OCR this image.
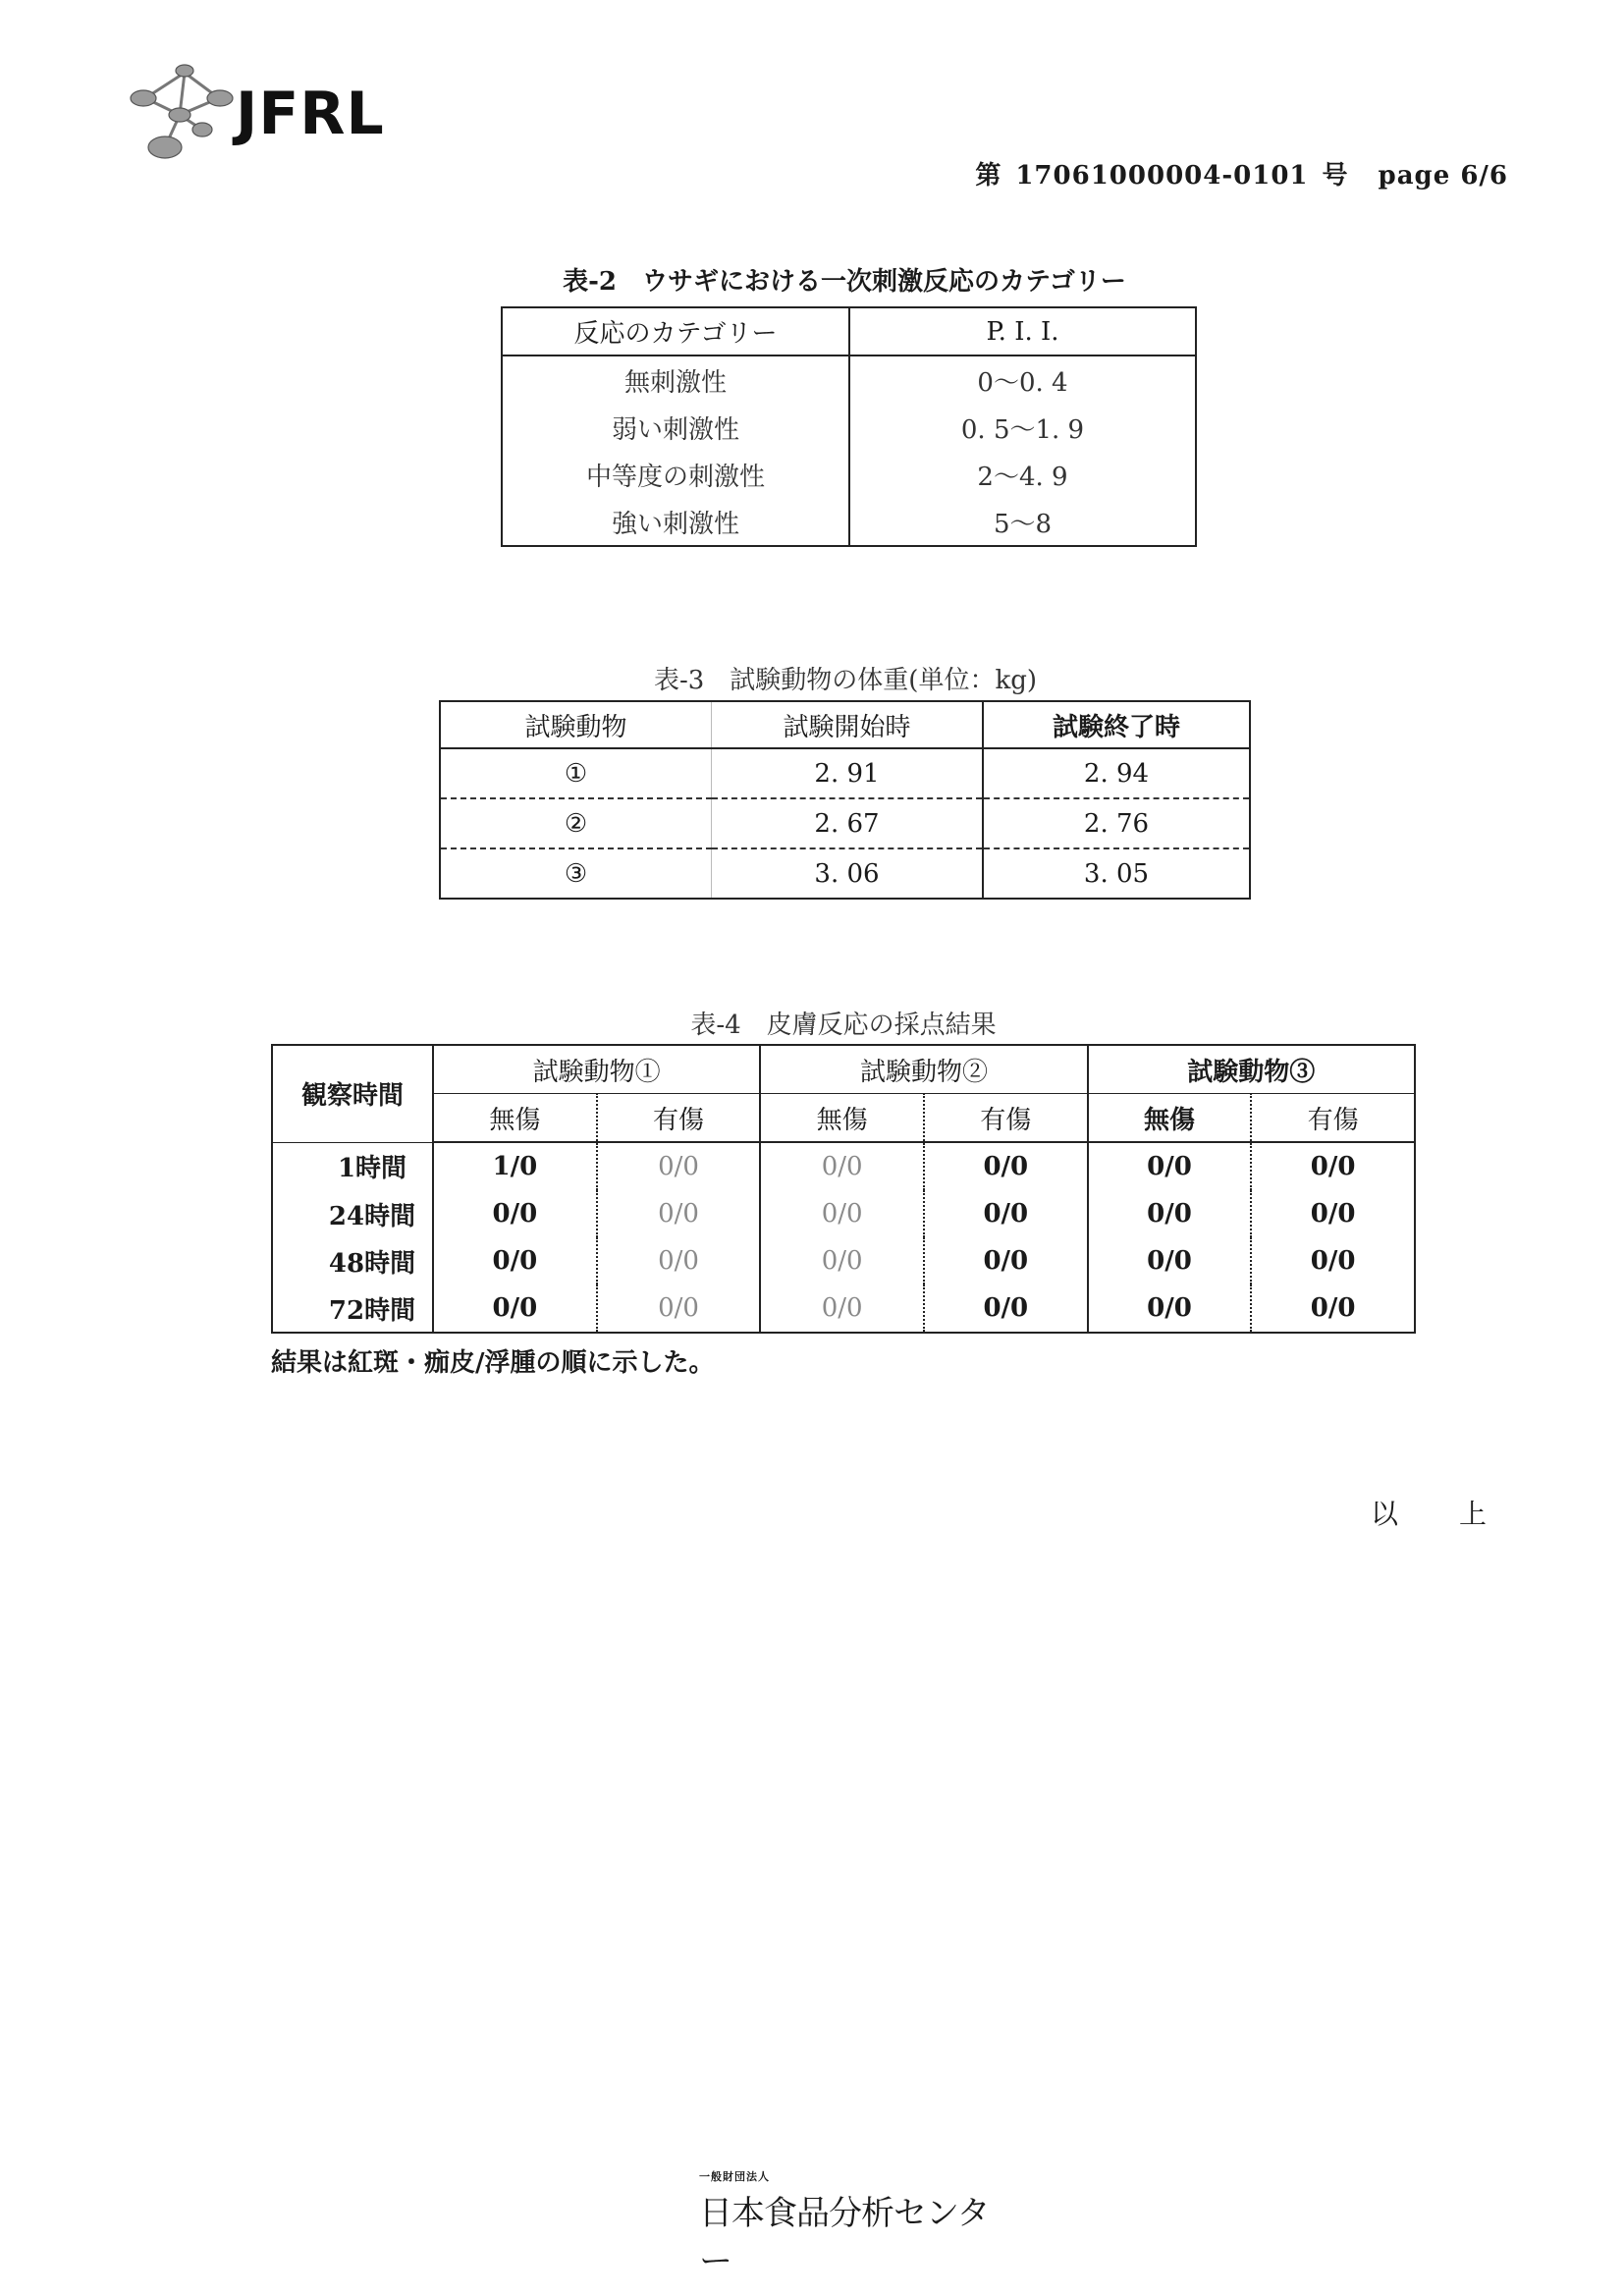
JFRL
第 17061000004-0101 号 page 6/6
表-2　ウサギにおける一次刺激反応のカテゴリー
反応のカテゴリー	P. I. I.
無刺激性	0～0. 4
弱い刺激性	0. 5～1. 9
中等度の刺激性	2～4. 9
強い刺激性	5～8
表-3　試験動物の体重(単位：kg)
試験動物	試験開始時	試験終了時
①	2. 91	2. 94
②	2. 67	2. 76
③	3. 06	3. 05
表-4　皮膚反応の採点結果
観察時間	試験動物①		試験動物②		試験動物③	
	無傷	有傷	無傷	有傷	無傷	有傷
1時間	1/0	0/0	0/0	0/0	0/0	0/0
24時間	0/0	0/0	0/0	0/0	0/0	0/0
48時間	0/0	0/0	0/0	0/0	0/0	0/0
72時間	0/0	0/0	0/0	0/0	0/0	0/0
結果は紅斑・痂皮/浮腫の順に示した。
以上
一般財団法人
日本食品分析センター
